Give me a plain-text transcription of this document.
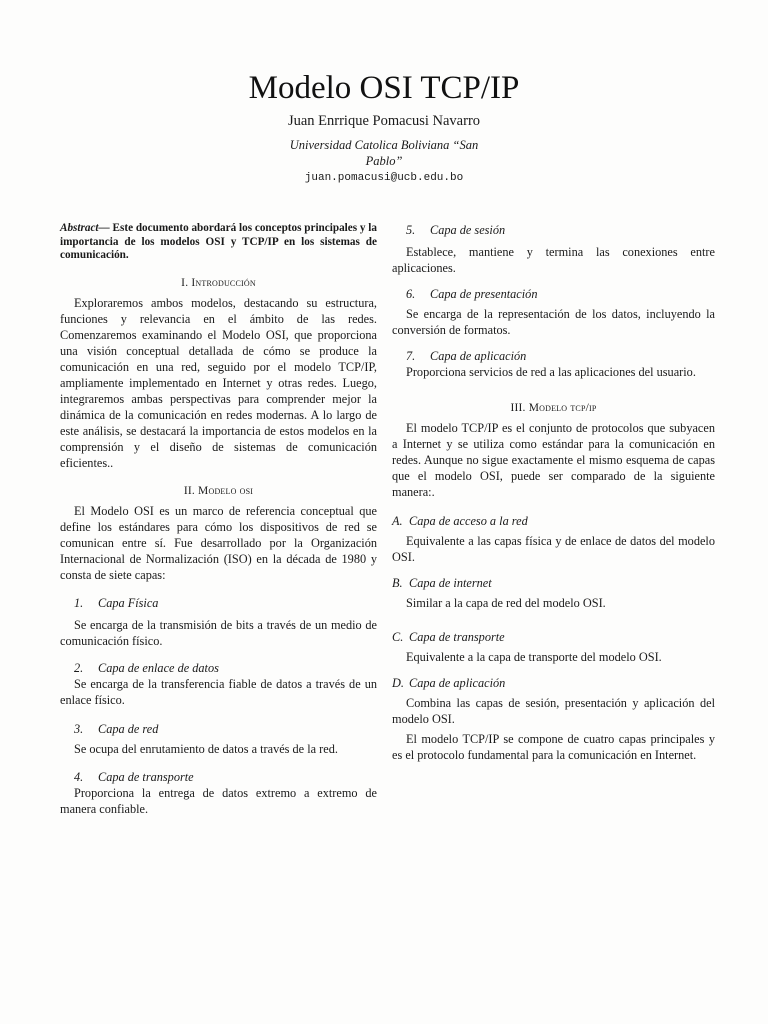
Modelo OSI TCP/IP
Juan Enrrique Pomacusi Navarro
Universidad Catolica Boliviana “San Pablo”
juan.pomacusi@ucb.edu.bo

Abstract— Este documento abordará los conceptos principales y la importancia de los modelos OSI y TCP/IP en los sistemas de comunicación.

I. Introducción

Exploraremos ambos modelos, destacando su estructura, funciones y relevancia en el ámbito de las redes. Comenzaremos examinando el Modelo OSI, que proporciona una visión conceptual detallada de cómo se produce la comunicación en una red, seguido por el modelo TCP/IP, ampliamente implementado en Internet y otras redes. Luego, integraremos ambas perspectivas para comprender mejor la dinámica de la comunicación en redes modernas. A lo largo de este análisis, se destacará la importancia de estos modelos en la comprensión y el diseño de sistemas de comunicación eficientes..

II. Modelo osi

El Modelo OSI es un marco de referencia conceptual que define los estándares para cómo los dispositivos de red se comunican entre sí. Fue desarrollado por la Organización Internacional de Normalización (ISO) en la década de 1980 y consta de siete capas:

1. Capa Física

Se encarga de la transmisión de bits a través de un medio de comunicación físico.

2. Capa de enlace de datos

Se encarga de la transferencia fiable de datos a través de un enlace físico.

3. Capa de red

Se ocupa del enrutamiento de datos a través de la red.

4. Capa de transporte

Proporciona la entrega de datos extremo a extremo de manera confiable.

5. Capa de sesión

Establece, mantiene y termina las conexiones entre aplicaciones.

6. Capa de presentación

Se encarga de la representación de los datos, incluyendo la conversión de formatos.

7. Capa de aplicación

Proporciona servicios de red a las aplicaciones del usuario.

III. Modelo tcp/ip

El modelo TCP/IP es el conjunto de protocolos que subyacen a Internet y se utiliza como estándar para la comunicación en redes. Aunque no sigue exactamente el mismo esquema de capas que el modelo OSI, puede ser comparado de la siguiente manera:.

A. Capa de acceso a la red

Equivalente a las capas física y de enlace de datos del modelo OSI.

B. Capa de internet

Similar a la capa de red del modelo OSI.

C. Capa de transporte

Equivalente a la capa de transporte del modelo OSI.

D. Capa de aplicación

Combina las capas de sesión, presentación y aplicación del modelo OSI.

El modelo TCP/IP se compone de cuatro capas principales y es el protocolo fundamental para la comunicación en Internet.
